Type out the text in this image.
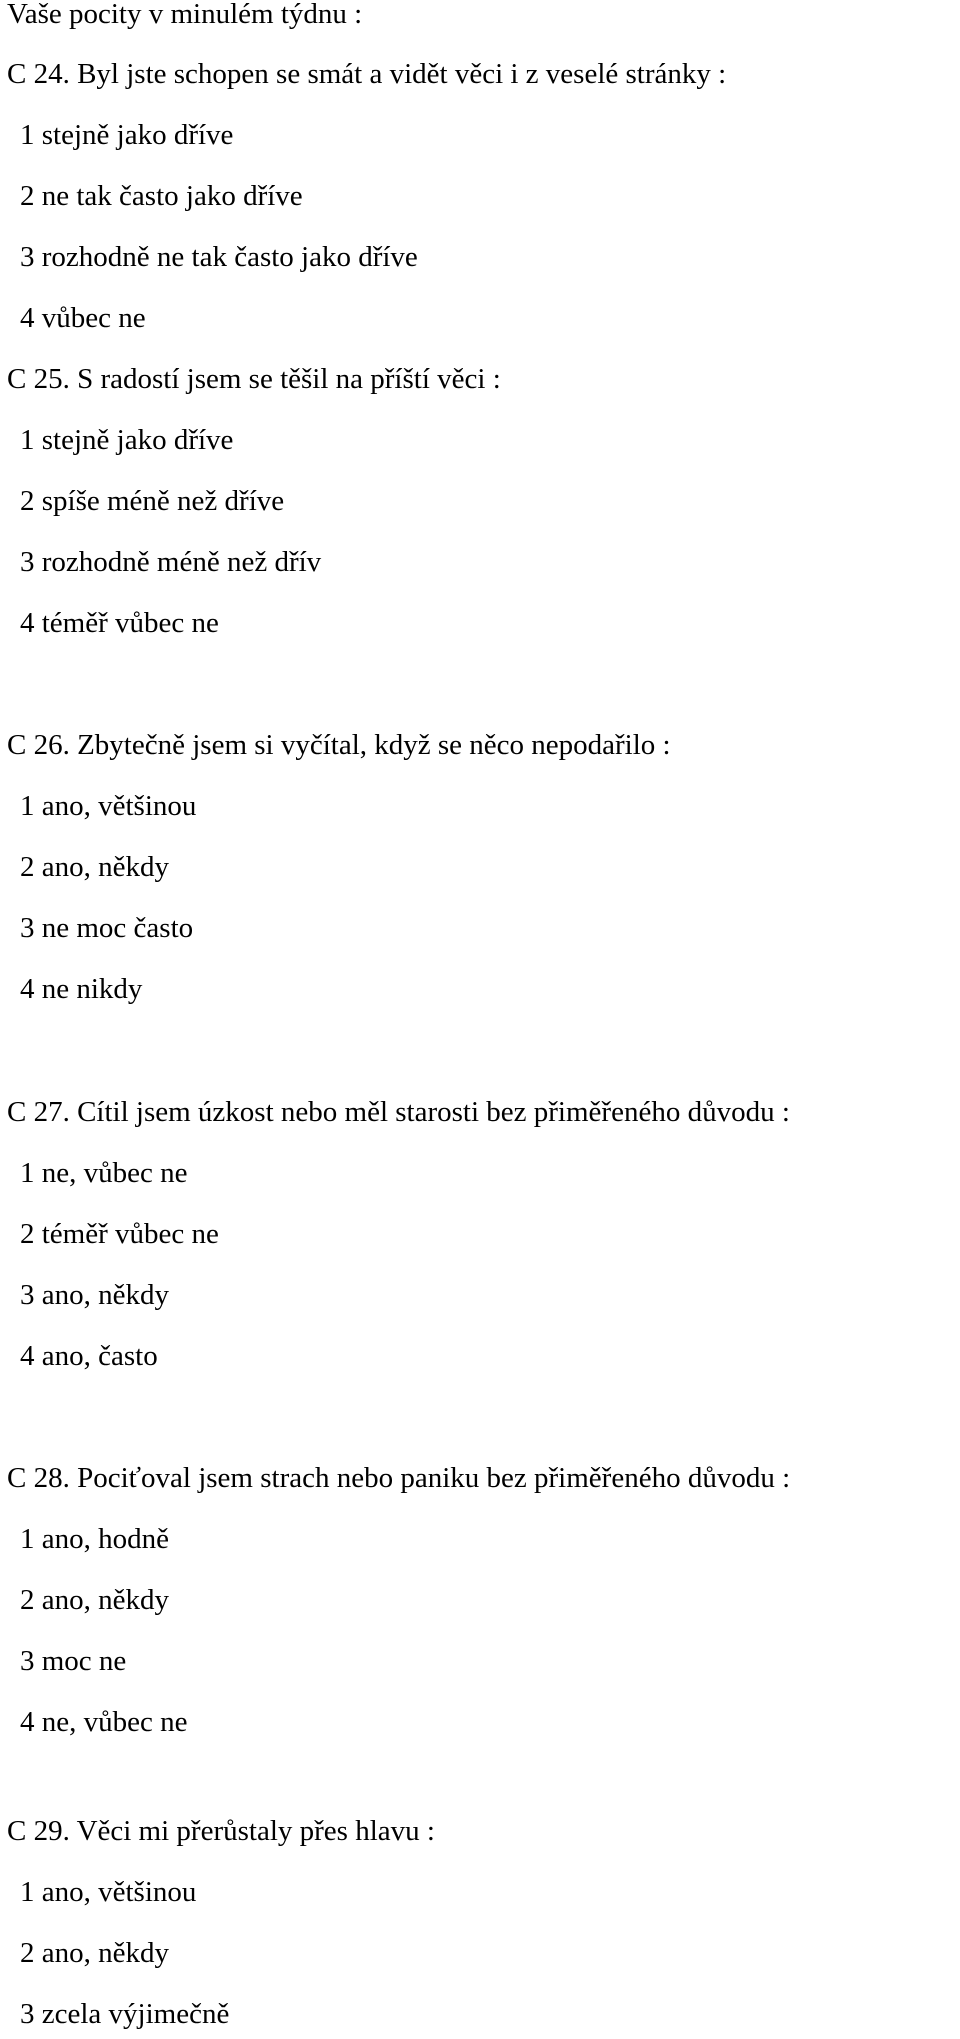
Vaše pocity v minulém týdnu :
C 24. Byl jste schopen se smát a vidět věci i z veselé stránky :
1 stejně jako dříve
2 ne tak často jako dříve
3 rozhodně ne tak často jako dříve
4 vůbec ne
C 25. S radostí jsem se těšil na příští věci :
1 stejně jako dříve
2 spíše méně než dříve
3 rozhodně méně než dřív
4 téměř vůbec ne
C 26. Zbytečně jsem si vyčítal, když se něco nepodařilo :
1 ano, většinou
2 ano, někdy
3 ne moc často
4 ne nikdy
C 27. Cítil jsem úzkost nebo měl starosti bez přiměřeného důvodu :
1 ne, vůbec ne
2 téměř vůbec ne
3 ano, někdy
4 ano, často
C 28. Pociťoval jsem strach nebo paniku bez přiměřeného důvodu :
1 ano, hodně
2 ano, někdy
3 moc ne
4 ne, vůbec ne
C 29. Věci mi přerůstaly přes hlavu :
1 ano, většinou
2 ano, někdy
3 zcela výjimečně
